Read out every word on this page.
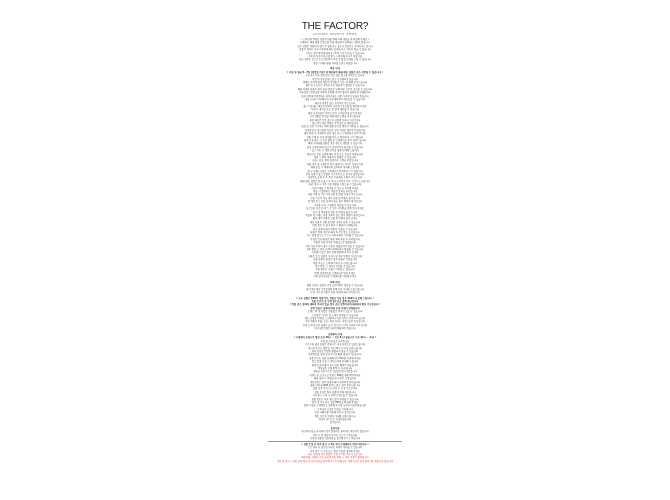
THE FACTOR?
LUXURY SELECT SHOP
• 고객님께 정확한 상품 안내를 위해 아래 내용을 꼭 확인해 주세요 •
더팩터는 해외 명품 브랜드를 직접 매입하여 판매하는 셀렉트샵입니다
모든 상품은 정품이며 검수 후 발송되고 있으니 안심하고 구매하셔도 됩니다
상품의 색상은 모니터 환경에 따라 실제와 다소 차이가 있을 수 있습니다
사이즈 측정 방법에 따라 1~3cm 오차가 있을 수 있습니다
구매 전 상세 사이즈를 반드시 확인해 주시기 바랍니다
재고 상황은 실시간으로 변동되어 주문 후 품절 안내를 드릴 수 있습니다
품절 시 빠른 환불 처리를 도와드리겠습니다
배송 안내
• 주문 후 평균 3~7일 (영업일 기준) 내 배송되며 해외 배송 상품은 다소 지연될 수 있습니다 •
오후 2시 이전 결제 완료 건은 당일 출고를 원칙으로 합니다
주말 및 공휴일에는 출고가 진행되지 않습니다
택배사 사정에 따라 배송이 지연될 수 있는 점 양해 부탁드립니다
제주 및 도서산간 지역은 추가 배송비가 발생할 수 있습니다
해외 직배송 상품의 경우 통관 절차로 인해 배송 기간이 길어질 수 있습니다
개인통관고유부호를 정확히 입력해 주셔야 통관이 원활하게 진행됩니다
통관 과정에서 발생하는 관부가세는 상품 가격에 포함되어 있습니다
배송 조회는 마이페이지 주문내역에서 확인하실 수 있습니다
배송지 변경은 출고 전까지만 가능합니다
출고 이후에는 배송지 변경이 어려우니 주소를 꼭 확인해 주세요
부재 시 경비실 또는 문 앞에 배송될 수 있습니다
배송 요청사항은 주문서 작성 시 메모란에 남겨 주세요
고가 상품은 안전을 위해 대면 수령을 권장드립니다
묶음 배송은 동일 출고지 상품에 한하여 가능합니다
출고지가 다른 상품은 각각 별도로 배송됩니다
명절 및 연휴 기간에는 택배 물량 증가로 배송이 지연될 수 있습니다
천재지변 등 불가항력 사유로 인한 지연은 책임지지 않습니다
배송 완료 후 수령하지 못한 경우 즉시 고객센터로 연락 주세요
상품 수령 후 포장 상태를 반드시 확인해 주시기 바랍니다
외부 포장 파손 시 사진 촬영 후 고객센터로 문의 부탁드립니다
해외 구매대행 상품은 주문 취소가 제한될 수 있습니다
현지 사정에 따라 입고가 지연되거나 취소될 수 있습니다
입고 지연 시 개별 연락을 통해 안내해 드립니다
배송비는 주문 금액에 따라 무료 또는 유료로 적용됩니다
반품 시 왕복 배송비가 발생할 수 있습니다
교환 시에도 왕복 배송비는 고객님 부담입니다
상품 하자 및 오배송의 경우 배송비는 당사가 부담합니다
택배 분실 시 택배사와 협의하여 처리해 드립니다
보다 자세한 사항은 고객센터로 문의해 주시기 바랍니다
주문 상품의 출고 알림은 카카오톡 또는 문자로 발송됩니다
송장번호 등록 후 1~2일 이내 배송 조회가 가능합니다
해외 배송 상품은 현지 출고 후 국내 도착까지 추가 기간이 소요됩니다
통관 보류 시 추가 서류 제출을 요청드릴 수 있습니다
서류 미제출 시 반송될 수 있으니 유의해 주세요
반송 시 발생하는 비용은 고객님 부담입니다
상품 수령 후 7일 이내 교환 및 반품 신청이 가능합니다
신청 기간이 지난 경우 교환 및 반품이 불가합니다
택 제거 또는 사용 흔적이 있는 경우 반품이 불가합니다
구성품 누락 시 반품이 제한될 수 있습니다
더스트백, 보증서, 박스 등 모든 구성품을 함께 보내 주세요
향수 및 화장품은 개봉 후 반품이 불가합니다
주얼리 및 시계는 착용 흔적이 있는 경우 반품이 불가합니다
맞춤 제작 상품은 교환 및 반품이 불가합니다
세일 상품은 교환 및 반품 규정이 다를 수 있습니다
반품 접수 후 검수 완료 시 환불이 진행됩니다
검수 결과에 따라 반품이 거절될 수 있습니다
환불은 결제 수단에 따라 3~7일 정도 소요됩니다
카드 결제 취소는 카드사 사정에 따라 지연될 수 있습니다
무통장 입금 환불은 환불 계좌 확인 후 처리됩니다
적립금 사용 주문은 적립금으로 환원됩니다
쿠폰 사용 주문의 경우 쿠폰은 재발급되지 않을 수 있습니다
부분 반품 시 할인 금액이 재계산되어 환불될 수 있습니다
사은품이 있는 경우 함께 반품해 주셔야 합니다
교환은 동일 상품의 사이즈 및 색상 변경만 가능합니다
교환 상품이 품절인 경우 환불로 처리됩니다
반품 주소는 고객센터 확인 후 안내드립니다
임의 반송 시 처리가 지연될 수 있습니다
착불 반송은 수령이 거부될 수 있습니다
반품 송장번호를 고객센터로 알려 주세요
기타 문의사항은 고객센터를 이용해 주세요
A/S 안내
해외 브랜드 상품은 국내 공식 A/S가 제한될 수 있습니다
당사에서 제휴 수선업체를 통해 유상 수리를 도와드립니다
수선 기간 및 비용은 상품 상태에 따라 상이합니다
• 모든 상품은 100% 정품이며, 정품이 아닐 경우 110% 보상해 드립니다 •
정품 보증서 및 구매 영수증을 함께 제공합니다
• 정품 검수 결과에 대하여 이의가 있을 경우 공인 감정기관에 의뢰하여 확인 가능합니다 •
감정 비용은 결과에 따라 부담 주체가 결정됩니다
브랜드 택 및 라벨은 상품별로 차이가 있을 수 있습니다
시즌별로 디자인 및 소재가 변경될 수 있습니다
제조 공정상 미세한 스크래치나 마감 차이는 하자가 아닙니다
가죽 제품의 주름, 모공, 색상 차이는 자연스러운 특성입니다
천연 소재 특성상 냄새가 날 수 있으며 시간이 지나면 사라집니다
위 사항은 반품 사유에 해당하지 않습니다
고객센터 안내
• 고객센터 운영시간 평일 오전 10시 ~ 오후 5시 (점심시간 오후 12시 ~ 1시) •
주말 및 공휴일은 휴무입니다
카카오톡 채널 상담은 운영시간 내 순차적으로 답변드립니다
게시판 문의는 영업일 기준 24시간 이내 답변드립니다
전화 상담은 연결이 원활하지 않을 수 있습니다
주문번호를 함께 남겨 주시면 빠른 상담이 가능합니다
상품 문의는 상품 상세페이지 Q&A를 이용해 주세요
입고 알림 신청 시 재입고되면 안내해 드립니다
회원 등급에 따라 추가 할인 혜택이 제공됩니다
적립금은 구매 확정 후 지급됩니다
적립금 유효기간은 지급일로부터 1년입니다
이벤트 및 프로모션 정보는 SNS를 통해 확인하세요
회원 탈퇴 시 적립금 및 쿠폰은 소멸됩니다
개인정보는 관련 법령에 따라 안전하게 관리됩니다
대량 구매 및 B2B 문의는 별도 연락 부탁드립니다
선물 포장 서비스는 주문 시 요청 가능합니다
선물 포장은 일부 상품에 한해 제공됩니다
가격 표시 오류 시 주문이 취소될 수 있습니다
상품 정보는 사전 예고 없이 변경될 수 있습니다
문의 전 자주 묻는 질문(FAQ)을 확인해 주세요
불편 사항은 고객센터로 말씀해 주시면 신속히 처리하겠습니다
고객님의 소중한 의견을 기다립니다
항상 더팩터를 이용해 주셔서 감사합니다
정품 보증 및 안전한 거래를 약속드립니다
최상의 서비스로 보답하겠습니다
감사합니다
유의사항
위 안내사항을 숙지하지 않아 발생하는 불이익은 책임지지 않습니다
주문 시 위 내용에 동의한 것으로 간주됩니다
자세한 내용은 이용약관을 참고해 주시기 바랍니다
✔ 상품 수령 후 하자 발견 시 3일 이내 고객센터로 연락 바랍니다 ✔
기간 경과 후 접수된 하자는 처리가 어려울 수 있습니다
하자 접수 시 사진 또는 영상 자료를 첨부해 주세요
단순 변심에 의한 반품은 수령 후 7일 이내 가능합니다
해외 배송 상품은 단순 변심에 의한 반품 시 추가 비용이 발생합니다
주문 전 반드시 상품 상세 정보 및 유의사항을 확인해 주시기 바랍니다. 미확인으로 인한 불이익은 책임지지 않습니다
